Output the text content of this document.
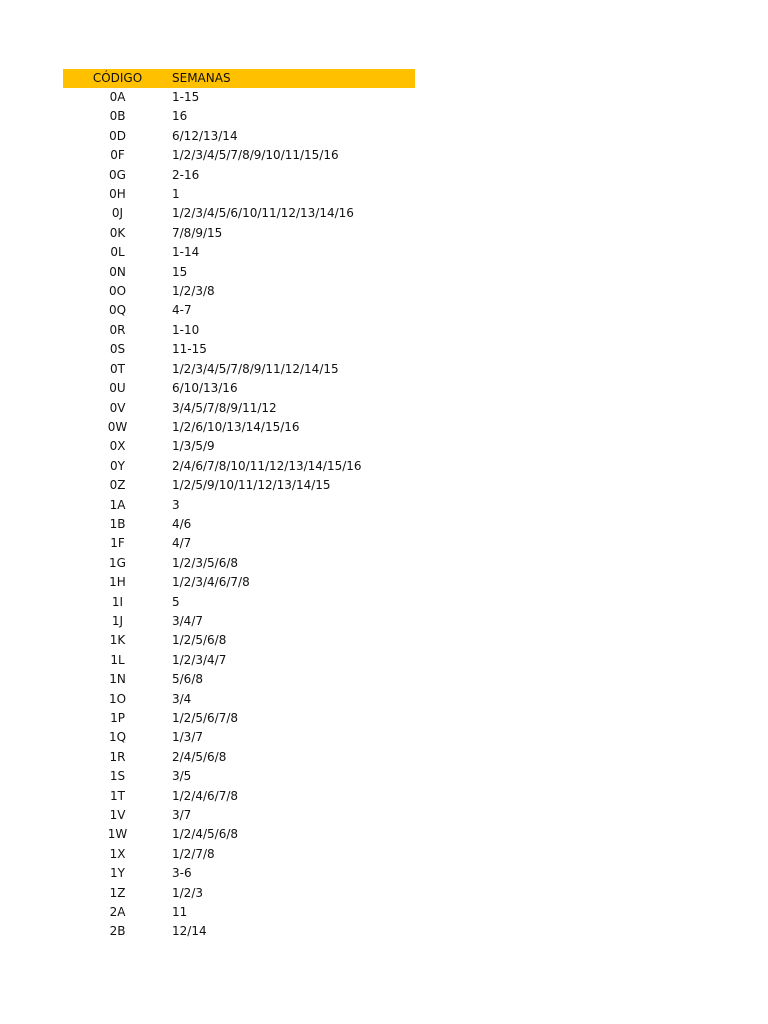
CÓDIGO	SEMANAS
0A	1-15
0B	16
0D	6/12/13/14
0F	1/2/3/4/5/7/8/9/10/11/15/16
0G	2-16
0H	1
0J	1/2/3/4/5/6/10/11/12/13/14/16
0K	7/8/9/15
0L	1-14
0N	15
0O	1/2/3/8
0Q	4-7
0R	1-10
0S	11-15
0T	1/2/3/4/5/7/8/9/11/12/14/15
0U	6/10/13/16
0V	3/4/5/7/8/9/11/12
0W	1/2/6/10/13/14/15/16
0X	1/3/5/9
0Y	2/4/6/7/8/10/11/12/13/14/15/16
0Z	1/2/5/9/10/11/12/13/14/15
1A	3
1B	4/6
1F	4/7
1G	1/2/3/5/6/8
1H	1/2/3/4/6/7/8
1I	5
1J	3/4/7
1K	1/2/5/6/8
1L	1/2/3/4/7
1N	5/6/8
1O	3/4
1P	1/2/5/6/7/8
1Q	1/3/7
1R	2/4/5/6/8
1S	3/5
1T	1/2/4/6/7/8
1V	3/7
1W	1/2/4/5/6/8
1X	1/2/7/8
1Y	3-6
1Z	1/2/3
2A	11
2B	12/14
